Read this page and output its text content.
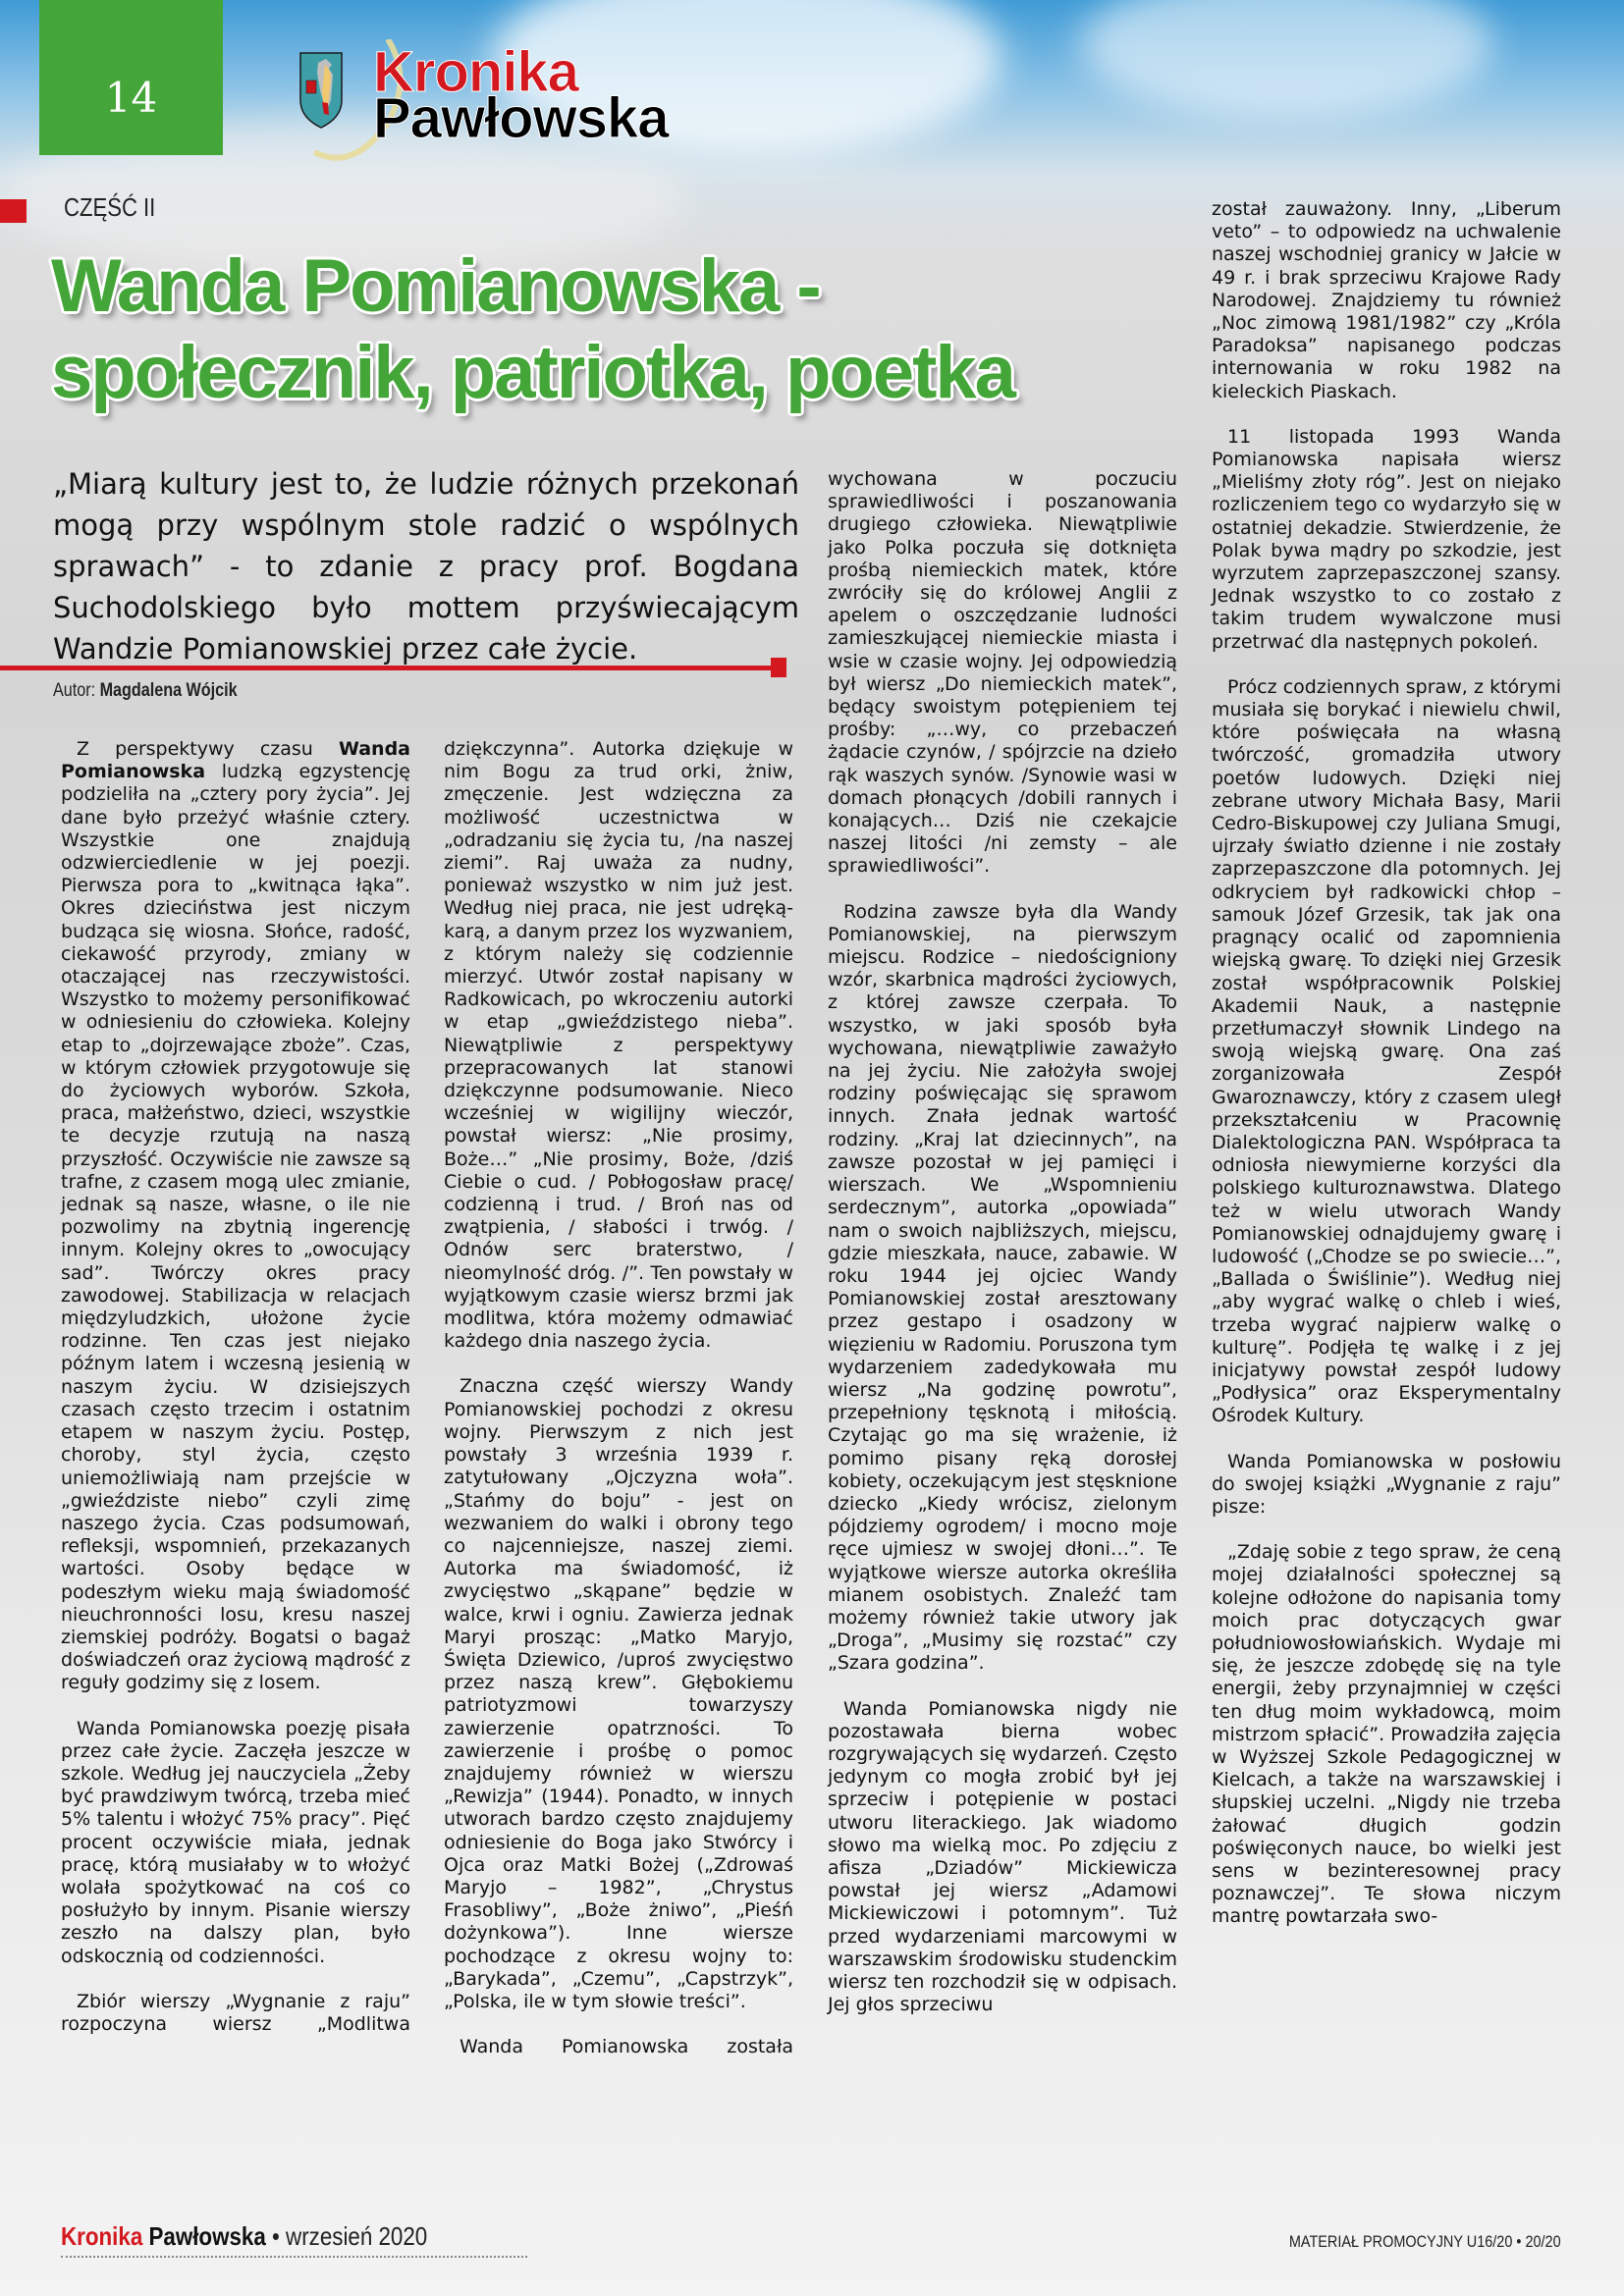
14	Kronika
Pawłowska
CZĘŚĆ II
Wanda Pomianowska -
społecznik, patriotka, poetka
„Miarą kultury jest to, że ludzie różnych przekonań mogą przy wspólnym stole radzić o wspólnych sprawach” - to zdanie z pracy prof. Bogdana Suchodolskiego było mottem przyświecającym Wandzie Pomianowskiej przez całe życie.
Autor: Magdalena Wójcik

Z perspektywy czasu Wanda Pomianowska ludzką egzystencję podzieliła na „cztery pory życia”. Jej dane było przeżyć właśnie cztery. Wszystkie one znajdują odzwierciedlenie w jej poezji. Pierwsza pora to „kwitnąca łąka”. Okres dzieciństwa jest niczym budząca się wiosna. Słońce, radość, ciekawość przyrody, zmiany w otaczającej nas rzeczywistości. Wszystko to możemy personifikować w odniesieniu do człowieka. Kolejny etap to „dojrzewające zboże”. Czas, w którym człowiek przygotowuje się do życiowych wyborów. Szkoła, praca, małżeństwo, dzieci, wszystkie te decyzje rzutują na naszą przyszłość. Oczywiście nie zawsze są trafne, z czasem mogą ulec zmianie, jednak są nasze, własne, o ile nie pozwolimy na zbytnią ingerencję innym. Kolejny okres to „owocujący sad”. Twórczy okres pracy zawodowej. Stabilizacja w relacjach międzyludzkich, ułożone życie rodzinne. Ten czas jest niejako późnym latem i wczesną jesienią w naszym życiu. W dzisiejszych czasach często trzecim i ostatnim etapem w naszym życiu. Postęp, choroby, styl życia, często uniemożliwiają nam przejście w „gwieździste niebo” czyli zimę naszego życia. Czas podsumowań, refleksji, wspomnień, przekazanych wartości. Osoby będące w podeszłym wieku mają świadomość nieuchronności losu, kresu naszej ziemskiej podróży. Bogatsi o bagaż doświadczeń oraz życiową mądrość z reguły godzimy się z losem.

Wanda Pomianowska poezję pisała przez całe życie. Zaczęła jeszcze w szkole. Według jej nauczyciela „Żeby być prawdziwym twórcą, trzeba mieć 5% talentu i włożyć 75% pracy”. Pięć procent oczywiście miała, jednak pracę, którą musiałaby w to włożyć wolała spożytkować na coś co posłużyło by innym. Pisanie wierszy zeszło na dalszy plan, było odskocznią od codzienności.

Zbiór wierszy „Wygnanie z raju” rozpoczyna wiersz „Modlitwa

dziękczynna”. Autorka dziękuje w nim Bogu za trud orki, żniw, zmęczenie. Jest wdzięczna za możliwość uczestnictwa w „odradzaniu się życia tu, /na naszej ziemi”. Raj uważa za nudny, ponieważ wszystko w nim już jest. Według niej praca, nie jest udręką-karą, a danym przez los wyzwaniem, z którym należy się codziennie mierzyć. Utwór został napisany w Radkowicach, po wkroczeniu autorki w etap „gwieździstego nieba”. Niewątpliwie z perspektywy przepracowanych lat stanowi dziękczynne podsumowanie. Nieco wcześniej w wigilijny wieczór, powstał wiersz: „Nie prosimy, Boże…” „Nie prosimy, Boże, /dziś Ciebie o cud. / Pobłogosław pracę/ codzienną i trud. / Broń nas od zwątpienia, / słabości i trwóg. / Odnów serc braterstwo, / nieomylność dróg. /”. Ten powstały w wyjątkowym czasie wiersz brzmi jak modlitwa, która możemy odmawiać każdego dnia naszego życia.

Znaczna część wierszy Wandy Pomianowskiej pochodzi z okresu wojny. Pierwszym z nich jest powstały 3 września 1939 r. zatytułowany „Ojczyzna woła”. „Stańmy do boju” - jest on wezwaniem do walki i obrony tego co najcenniejsze, naszej ziemi. Autorka ma świadomość, iż zwycięstwo „skąpane” będzie w walce, krwi i ogniu. Zawierza jednak Maryi prosząc: „Matko Maryjo, Święta Dziewico, /uproś zwycięstwo przez naszą krew”. Głębokiemu patriotyzmowi towarzyszy zawierzenie opatrzności. To zawierzenie i prośbę o pomoc znajdujemy również w wierszu „Rewizja” (1944). Ponadto, w innych utworach bardzo często znajdujemy odniesienie do Boga jako Stwórcy i Ojca oraz Matki Bożej („Zdrowaś Maryjo – 1982”, „Chrystus Frasobliwy”, „Boże żniwo”, „Pieśń dożynkowa”). Inne wiersze pochodzące z okresu wojny to: „Barykada”, „Czemu”, „Capstrzyk”, „Polska, ile w tym słowie treści”.

Wanda Pomianowska została

wychowana w poczuciu sprawiedliwości i poszanowania drugiego człowieka. Niewątpliwie jako Polka poczuła się dotknięta prośbą niemieckich matek, które zwróciły się do królowej Anglii z apelem o oszczędzanie ludności zamieszkującej niemieckie miasta i wsie w czasie wojny. Jej odpowiedzią był wiersz „Do niemieckich matek”, będący swoistym potępieniem tej prośby: „…wy, co przebaczeń żądacie czynów, / spójrzcie na dzieło rąk waszych synów. /Synowie wasi w domach płonących /dobili rannych i konających… Dziś nie czekajcie naszej litości /ni zemsty – ale sprawiedliwości”.

Rodzina zawsze była dla Wandy Pomianowskiej, na pierwszym miejscu. Rodzice – niedościgniony wzór, skarbnica mądrości życiowych, z której zawsze czerpała. To wszystko, w jaki sposób była wychowana, niewątpliwie zaważyło na jej życiu. Nie założyła swojej rodziny poświęcając się sprawom innych. Znała jednak wartość rodziny. „Kraj lat dziecinnych”, na zawsze pozostał w jej pamięci i wierszach. We „Wspomnieniu serdecznym”, autorka „opowiada” nam o swoich najbliższych, miejscu, gdzie mieszkała, nauce, zabawie. W roku 1944 jej ojciec Wandy Pomianowskiej został aresztowany przez gestapo i osadzony w więzieniu w Radomiu. Poruszona tym wydarzeniem zadedykowała mu wiersz „Na godzinę powrotu”, przepełniony tęsknotą i miłością. Czytając go ma się wrażenie, iż pomimo pisany ręką dorosłej kobiety, oczekującym jest stęsknione dziecko „Kiedy wrócisz, zielonym pójdziemy ogrodem/ i mocno moje ręce ujmiesz w swojej dłoni…”. Te wyjątkowe wiersze autorka określiła mianem osobistych. Znaleźć tam możemy również takie utwory jak „Droga”, „Musimy się rozstać” czy „Szara godzina”.

Wanda Pomianowska nigdy nie pozostawała bierna wobec rozgrywających się wydarzeń. Często jedynym co mogła zrobić był jej sprzeciw i potępienie w postaci utworu literackiego. Jak wiadomo słowo ma wielką moc. Po zdjęciu z afisza „Dziadów” Mickiewicza powstał jej wiersz „Adamowi Mickiewiczowi i potomnym”. Tuż przed wydarzeniami marcowymi w warszawskim środowisku studenckim wiersz ten rozchodził się w odpisach. Jej głos sprzeciwu

został zauważony. Inny, „Liberum veto” – to odpowiedz na uchwalenie naszej wschodniej granicy w Jałcie w 49 r. i brak sprzeciwu Krajowe Rady Narodowej. Znajdziemy tu również „Noc zimową 1981/1982” czy „Króla Paradoksa” napisanego podczas internowania w roku 1982 na kieleckich Piaskach.

11 listopada 1993 Wanda Pomianowska napisała wiersz „Mieliśmy złoty róg”. Jest on niejako rozliczeniem tego co wydarzyło się w ostatniej dekadzie. Stwierdzenie, że Polak bywa mądry po szkodzie, jest wyrzutem zaprzepaszczonej szansy. Jednak wszystko to co zostało z takim trudem wywalczone musi przetrwać dla następnych pokoleń.

Prócz codziennych spraw, z którymi musiała się borykać i niewielu chwil, które poświęcała na własną twórczość, gromadziła utwory poetów ludowych. Dzięki niej zebrane utwory Michała Basy, Marii Cedro-Biskupowej czy Juliana Smugi, ujrzały światło dzienne i nie zostały zaprzepaszczone dla potomnych. Jej odkryciem był radkowicki chłop – samouk Józef Grzesik, tak jak ona pragnący ocalić od zapomnienia wiejską gwarę. To dzięki niej Grzesik został współpracownik Polskiej Akademii Nauk, a następnie przetłumaczył słownik Lindego na swoją wiejską gwarę. Ona zaś zorganizowała Zespół Gwaroznawczy, który z czasem uległ przekształceniu w Pracownię Dialektologiczna PAN. Współpraca ta odniosła niewymierne korzyści dla polskiego kulturoznawstwa. Dlatego też w wielu utworach Wandy Pomianowskiej odnajdujemy gwarę i ludowość („Chodze se po swiecie…”, „Ballada o Świślinie”). Według niej „aby wygrać walkę o chleb i wieś, trzeba wygrać najpierw walkę o kulturę”. Podjęła tę walkę i z jej inicjatywy powstał zespół ludowy „Podłysica” oraz Eksperymentalny Ośrodek Kultury.

Wanda Pomianowska w posłowiu do swojej książki „Wygnanie z raju” pisze:

„Zdaję sobie z tego spraw, że ceną mojej działalności społecznej są kolejne odłożone do napisania tomy moich prac dotyczących gwar południowosłowiańskich. Wydaje mi się, że jeszcze zdobędę się na tyle energii, żeby przynajmniej w części ten dług moim wykładowcą, moim mistrzom spłacić”. Prowadziła zajęcia w Wyższej Szkole Pedagogicznej w Kielcach, a także na warszawskiej i słupskiej uczelni. „Nigdy nie trzeba żałować długich godzin poświęconych nauce, bo wielki jest sens w bezinteresownej pracy poznawczej”. Te słowa niczym mantrę powtarzała swo-

Kronika Pawłowska • wrzesień 2020	MATERIAŁ PROMOCYJNY U16/20 • 20/20
